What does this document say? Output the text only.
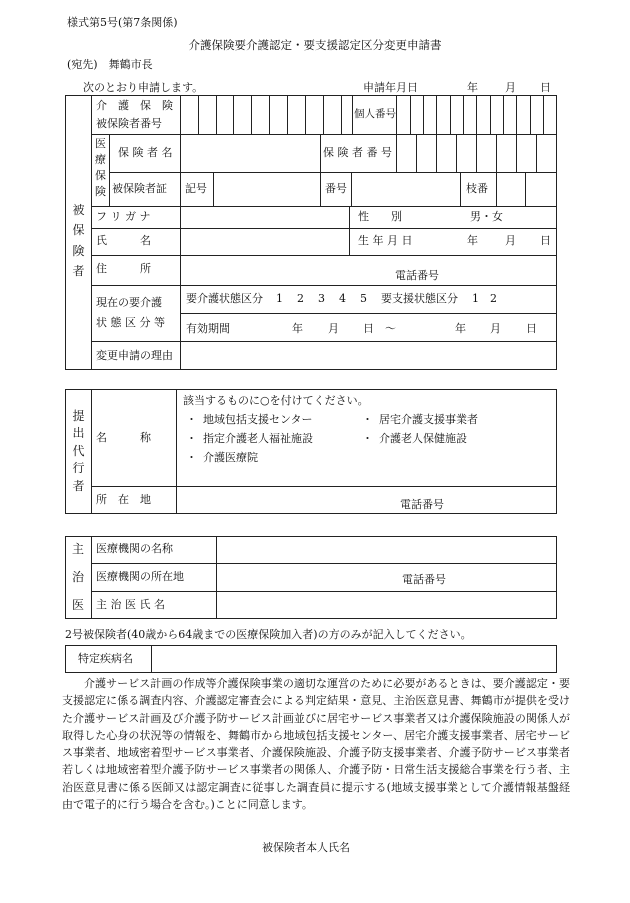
様式第5号(第7条関係)
介護保険要介護認定・要支援認定区分変更申請書
(宛先)　舞鶴市長
次のとおり申請します。	申請年月日	年 月 日
被保険者
介　護　保　険
被保険者番号
個人番号
医療保険
保 険 者 名	保 険 者 番 号
被保険者証 記号	番号	枝番
フ リ ガ ナ	性　　別	男・女
氏　　　名	生 年 月 日	年 月 日
住　　　所
電話番号
現在の要介護
状 態 区 分 等
要介護状態区分 1 2 3 4 5 要支援状態区分 1 2
有効期間	年 月 日 ～	年 月 日
変更申請の理由
提出代行者
名　　　称
該当するものに○を付けてください。
・ 地域包括支援センター	・ 居宅介護支援事業者
・ 指定介護老人福祉施設	・ 介護老人保健施設
・ 介護医療院
所　在　地	電話番号
主
治
医
医療機関の名称
医療機関の所在地	電話番号
主 治 医 氏 名
2号被保険者(40歳から64歳までの医療保険加入者)の方のみが記入してください。
特定疾病名
介護サービス計画の作成等介護保険事業の適切な運営のために必要があるときは、要介護認定・要支援認定に係る調査内容、介護認定審査会による判定結果・意見、主治医意見書、舞鶴市が提供を受けた介護サービス計画及び介護予防サービス計画並びに居宅サービス事業者又は介護保険施設の関係人が取得した心身の状況等の情報を、舞鶴市から地域包括支援センター、居宅介護支援事業者、居宅サービス事業者、地域密着型サービス事業者、介護保険施設、介護予防支援事業者、介護予防サービス事業者若しくは地域密着型介護予防サービス事業者の関係人、介護予防・日常生活支援総合事業を行う者、主治医意見書に係る医師又は認定調査に従事した調査員に提示する(地域支援事業として介護情報基盤経由で電子的に行う場合を含む。)ことに同意します。
被保険者本人氏名
